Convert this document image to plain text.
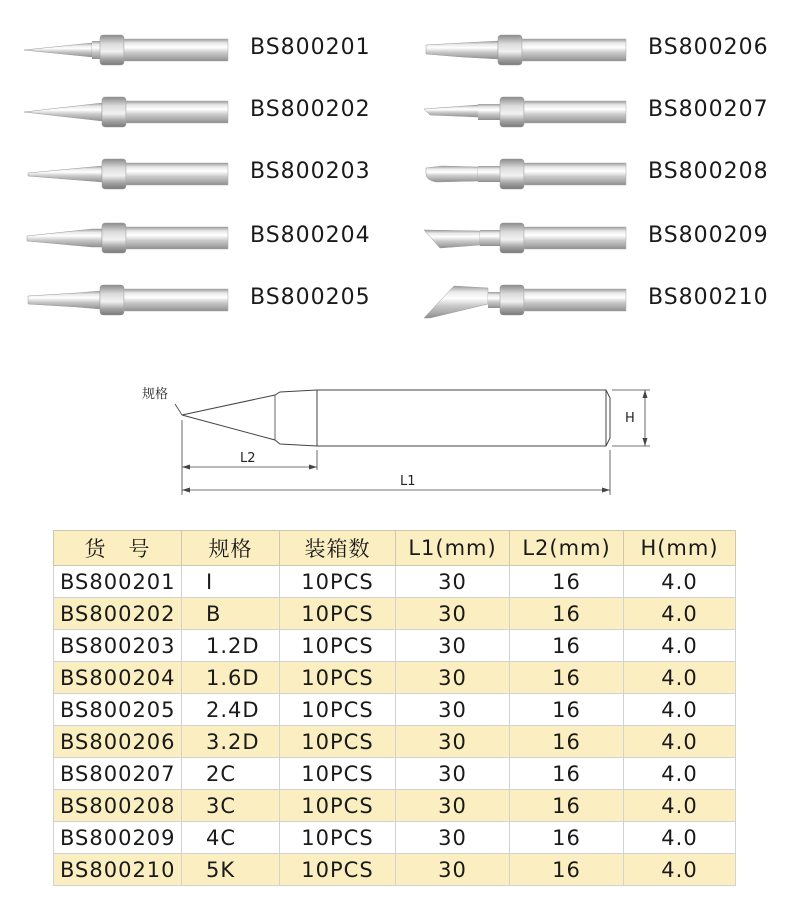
BS800201
BS800202
BS800203
BS800204
BS800205
BS800206
BS800207
BS800208
BS800209
BS800210
规格
L2
L1
H
货　号	规格	装箱数	L1(mm)	L2(mm)	H(mm)
BS800201	I	10PCS	30	16	4.0
BS800202	B	10PCS	30	16	4.0
BS800203	1.2D	10PCS	30	16	4.0
BS800204	1.6D	10PCS	30	16	4.0
BS800205	2.4D	10PCS	30	16	4.0
BS800206	3.2D	10PCS	30	16	4.0
BS800207	2C	10PCS	30	16	4.0
BS800208	3C	10PCS	30	16	4.0
BS800209	4C	10PCS	30	16	4.0
BS800210	5K	10PCS	30	16	4.0
